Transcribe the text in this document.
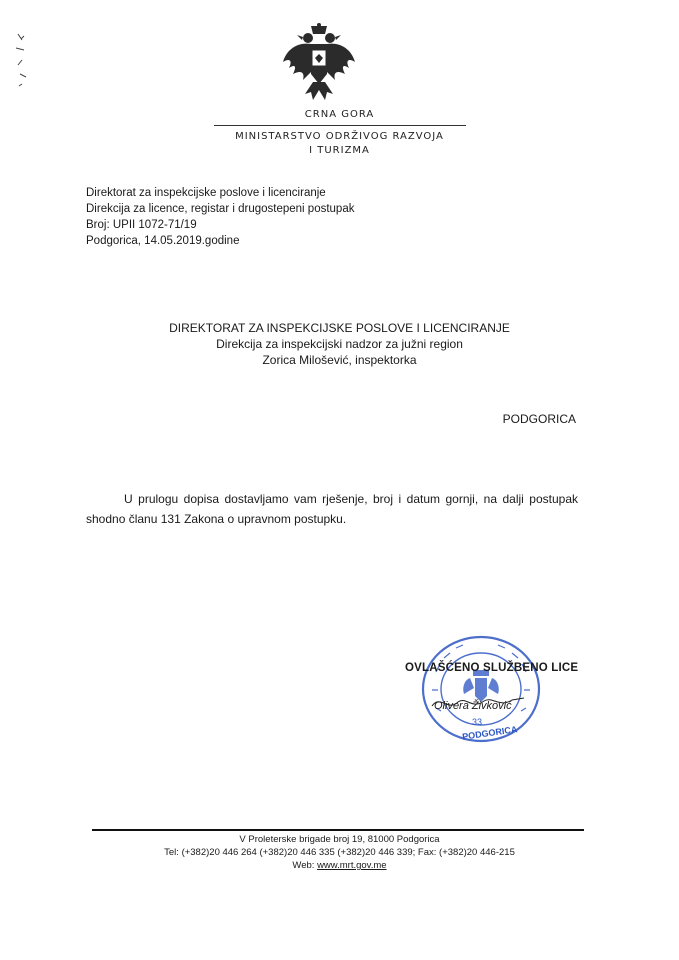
CRNA GORA
MINISTARSTVO ODRŽIVOG RAZVOJA
I TURIZMA
Direktorat za inspekcijske poslove i licenciranje
Direkcija za licence, registar i drugostepeni postupak
Broj: UPII 1072-71/19
Podgorica, 14.05.2019.godine
DIREKTORAT ZA INSPEKCIJSKE POSLOVE I LICENCIRANJE
Direkcija za inspekcijski nadzor za južni region
Zorica Milošević, inspektorka
PODGORICA
U prulogu dopisa dostavljamo vam rješenje, broj i datum gornji, na dalji postupak shodno članu 131 Zakona o upravnom postupku.
33
PODGORICA
OVLAŠĆENO SLUŽBENO LICE
Olivera Živković
V Proleterske brigade broj 19, 81000 Podgorica
Tel: (+382)20 446 264 (+382)20 446 335 (+382)20 446 339; Fax: (+382)20 446-215
Web: www.mrt.gov.me
